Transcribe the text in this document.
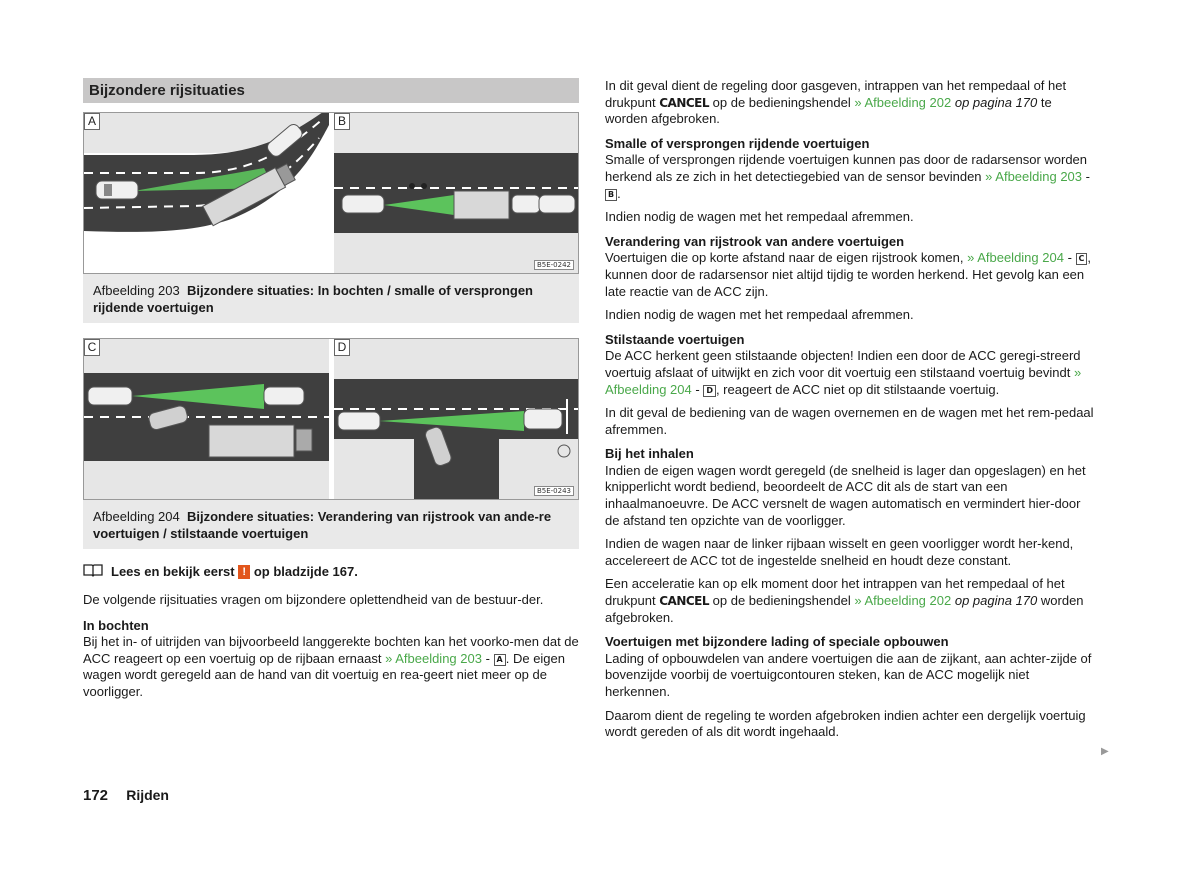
Bijzondere rijsituaties
A	B
B5E-0242
Afbeelding 203 Bijzondere situaties: In bochten / smalle of versprongen rijdende voertuigen
C	D
B5E-0243
Afbeelding 204 Bijzondere situaties: Verandering van rijstrook van ande-re voertuigen / stilstaande voertuigen
Lees en bekijk eerst
!
op bladzijde 167.
De volgende rijsituaties vragen om bijzondere oplettendheid van de bestuur-der.
In bochten
Bij het in- of uitrijden van bijvoorbeeld langgerekte bochten kan het voorko-men dat de ACC reageert op een voertuig op de rijbaan ernaast » Afbeelding 203 - A . De eigen wagen wordt geregeld aan de hand van dit voertuig en rea-geert niet meer op de voorligger.
In dit geval dient de regeling door gasgeven, intrappen van het rempedaal of het drukpunt CANCEL op de bedieningshendel » Afbeelding 202 op pagina 170 te worden afgebroken.
Smalle of versprongen rijdende voertuigen
Smalle of versprongen rijdende voertuigen kunnen pas door de radarsensor worden herkend als ze zich in het detectiegebied van de sensor bevinden » Afbeelding 203 - B .
Indien nodig de wagen met het rempedaal afremmen.
Verandering van rijstrook van andere voertuigen
Voertuigen die op korte afstand naar de eigen rijstrook komen, » Afbeelding 204 - C , kunnen door de radarsensor niet altijd tijdig te worden herkend. Het gevolg kan een late reactie van de ACC zijn.
Indien nodig de wagen met het rempedaal afremmen.
Stilstaande voertuigen
De ACC herkent geen stilstaande objecten! Indien een door de ACC geregi-streerd voertuig afslaat of uitwijkt en zich voor dit voertuig een stilstaand voertuig bevindt » Afbeelding 204 - D , reageert de ACC niet op dit stilstaande voertuig.
In dit geval de bediening van de wagen overnemen en de wagen met het rem-pedaal afremmen.
Bij het inhalen
Indien de eigen wagen wordt geregeld (de snelheid is lager dan opgeslagen) en het knipperlicht wordt bediend, beoordeelt de ACC dit als de start van een inhaalmanoeuvre. De ACC versnelt de wagen automatisch en vermindert hier-door de afstand ten opzichte van de voorligger.
Indien de wagen naar de linker rijbaan wisselt en geen voorligger wordt her-kend, accelereert de ACC tot de ingestelde snelheid en houdt deze constant.
Een acceleratie kan op elk moment door het intrappen van het rempedaal of het drukpunt CANCEL op de bedieningshendel » Afbeelding 202 op pagina 170 worden afgebroken.
Voertuigen met bijzondere lading of speciale opbouwen
Lading of opbouwdelen van andere voertuigen die aan de zijkant, aan achter-zijde of bovenzijde voorbij de voertuigcontouren steken, kan de ACC mogelijk niet herkennen.
Daarom dient de regeling te worden afgebroken indien achter een dergelijk voertuig wordt gereden of als dit wordt ingehaald.
▶
172 Rijden
